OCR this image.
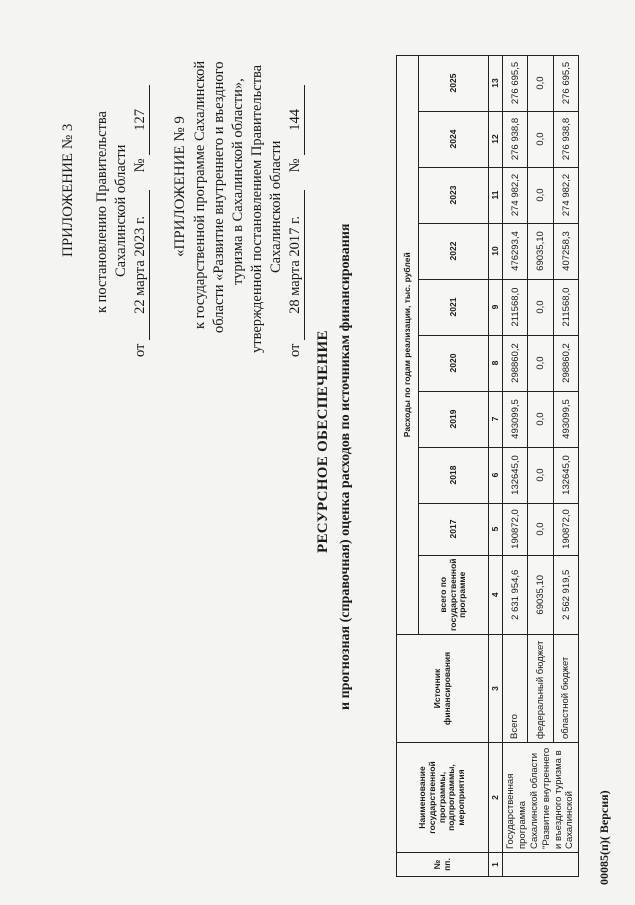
ПРИЛОЖЕНИЕ № 3 к постановлению Правительства Сахалинской области
от 22 марта 2023 г. № 127 «ПРИЛОЖЕНИЕ № 9 к государственной программе Сахалинской области «Развитие внутреннего и въездного туризма в Сахалинской области», утвержденной постановлением Правительства Сахалинской области
от 28 марта 2017 г. № 144
РЕСУРСНОЕ ОБЕСПЕЧЕНИЕ и прогнозная (справочная) оценка расходов по источникам финансирования
№ пп.	Наименование государственной программы, подпрограммы, мероприятия	Источник финансирования	Расходы по годам реализации, тыс. рублей									
			всего по государственной программе	2017	2018	2019	2020	2021	2022	2023	2024	2025
1	2	3	4	5	6	7	8	9	10	11	12	13
	Государственная программа Сахалинской области "Развитие внутреннего и въездного туризма в Сахалинской	Всего	2 631 954,6	190872,0	132645,0	493099,5	298860,2	211568,0	476293,4	274 982,2	276 938,8	276 695,5
		федеральный бюджет	69035,10	0,0	0,0	0,0	0,0	0,0	69035,10	0,0	0,0	0,0
		областной бюджет	2 562 919,5	190872,0	132645,0	493099,5	298860,2	211568,0	407258,3	274 982,2	276 938,8	276 695,5
00085(п)( Версия)
